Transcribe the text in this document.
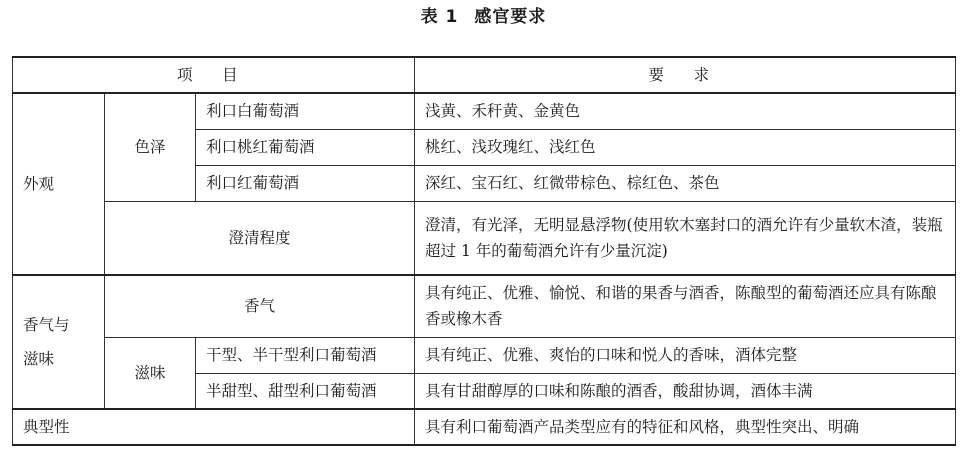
表 1 感官要求
项 目			要 求
外观	色泽	利口白葡萄酒	浅黄、禾秆黄、金黄色
		利口桃红葡萄酒	桃红、浅玫瑰红、浅红色
		利口红葡萄酒	深红、宝石红、红微带棕色、棕红色、茶色
	澄清程度		澄清，有光泽，无明显悬浮物(使用软木塞封口的酒允许有少量软木渣，装瓶超过 1 年的葡萄酒允许有少量沉淀)

香气与
滋味	香气		具有纯正、优雅、愉悦、和谐的果香与酒香，陈酿型的葡萄酒还应具有陈酿香或橡木香
	滋味	干型、半干型利口葡萄酒	具有纯正、优雅、爽怡的口味和悦人的香味，酒体完整
		半甜型、甜型利口葡萄酒	具有甘甜醇厚的口味和陈酿的酒香，酸甜协调，酒体丰满
典型性			具有利口葡萄酒产品类型应有的特征和风格，典型性突出、明确
